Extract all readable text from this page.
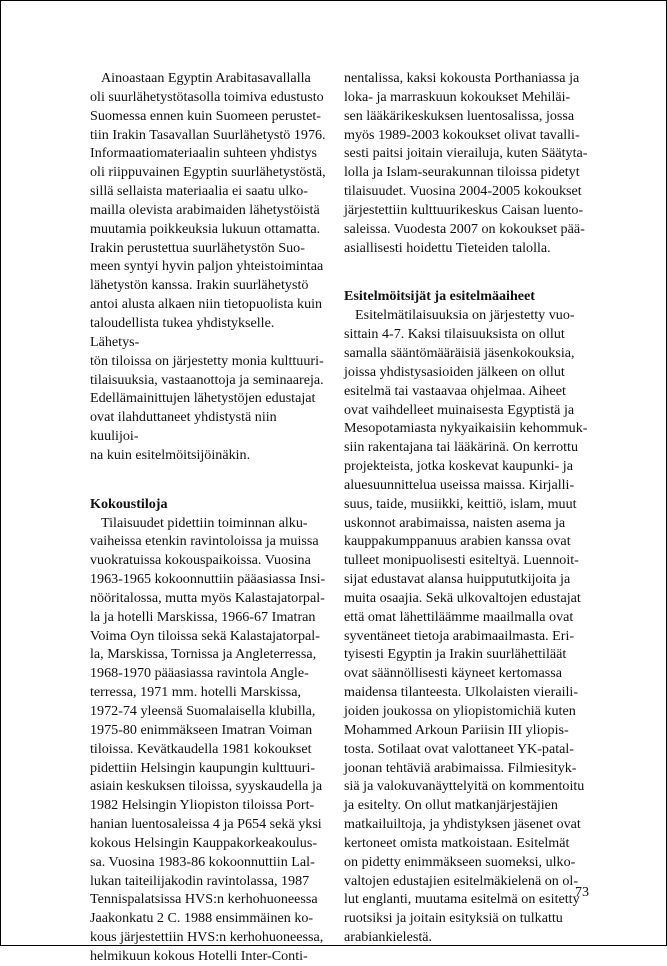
Ainoastaan Egyptin Arabitasavallalla
oli suurlähetystötasolla toimiva edustusto
Suomessa ennen kuin Suomeen perustet-
tiin Irakin Tasavallan Suurlähetystö 1976.
Informaatiomateriaalin suhteen yhdistys
oli riippuvainen Egyptin suurlähetystöstä,
sillä sellaista materiaalia ei saatu ulko-
mailla olevista arabimaiden lähetystöistä
muutamia poikkeuksia lukuun ottamatta.
Irakin perustettua suurlähetystön Suo-
meen syntyi hyvin paljon yhteistoimintaa
lähetystön kanssa. Irakin suurlähetystö
antoi alusta alkaen niin tietopuolista kuin
taloudellista tukea yhdistykselle. Lähetys-
tön tiloissa on järjestetty monia kulttuuri-
tilaisuuksia, vastaanottoja ja seminaareja.
Edellämainittujen lähetystöjen edustajat
ovat ilahduttaneet yhdistystä niin kuulijoi-
na kuin esitelmöitsijöinäkin.

Kokoustiloja

Tilaisuudet pidettiin toiminnan alku-
vaiheissa etenkin ravintoloissa ja muissa
vuokratuissa kokouspaikoissa. Vuosina
1963-1965 kokoonnuttiin pääasiassa Insi-
nööritalossa, mutta myös Kalastajatorpal-
la ja hotelli Marskissa, 1966-67 Imatran
Voima Oyn tiloissa sekä Kalastajatorpal-
la, Marskissa, Tornissa ja Angleterressa,
1968-1970 pääasiassa ravintola Angle-
terressa, 1971 mm. hotelli Marskissa,
1972-74 yleensä Suomalaisella klubilla,
1975-80 enimmäkseen Imatran Voiman
tiloissa. Kevätkaudella 1981 kokoukset
pidettiin Helsingin kaupungin kulttuuri-
asiain keskuksen tiloissa, syyskaudella ja
1982 Helsingin Yliopiston tiloissa Port-
hanian luentosaleissa 4 ja P654 sekä yksi
kokous Helsingin Kauppakorkeakoulus-
sa. Vuosina 1983-86 kokoonnuttiin Lal-
lukan taiteilijakodin ravintolassa, 1987
Tennispalatsissa HVS:n kerhohuoneessa
Jaakonkatu 2 C. 1988 ensimmäinen ko-
kous järjestettiin HVS:n kerhohuoneessa,
helmikuun kokous Hotelli Inter-Conti-

nentalissa, kaksi kokousta Porthaniassa ja
loka- ja marraskuun kokoukset Mehiläi-
sen lääkärikeskuksen luentosalissa, jossa
myös 1989-2003 kokoukset olivat tavalli-
sesti paitsi joitain vierailuja, kuten Säätyta-
lolla ja Islam-seurakunnan tiloissa pidetyt
tilaisuudet. Vuosina 2004-2005 kokoukset
järjestettiin kulttuurikeskus Caisan luento-
saleissa. Vuodesta 2007 on kokoukset pää-
asiallisesti hoidettu Tieteiden talolla.

Esitelmöitsijät ja esitelmäaiheet

Esitelmätilaisuuksia on järjestetty vuo-
sittain 4-7. Kaksi tilaisuuksista on ollut
samalla sääntömääräisiä jäsenkokouksia,
joissa yhdistysasioiden jälkeen on ollut
esitelmä tai vastaavaa ohjelmaa. Aiheet
ovat vaihdelleet muinaisesta Egyptistä ja
Mesopotamiasta nykyaikaisiin kehommuk-
siin rakentajana tai lääkärinä. On kerrottu
projekteista, jotka koskevat kaupunki- ja
aluesuunnittelua useissa maissa. Kirjalli-
suus, taide, musiikki, keittiö, islam, muut
uskonnot arabimaissa, naisten asema ja
kauppakumppanuus arabien kanssa ovat
tulleet monipuolisesti esiteltyä. Luennoit-
sijat edustavat alansa huippututkijoita ja
muita osaajia. Sekä ulkovaltojen edustajat
että omat lähettiläämme maailmalla ovat
syventäneet tietoja arabimaailmasta. Eri-
tyisesti Egyptin ja Irakin suurlähettiläät
ovat säännöllisesti käyneet kertomassa
maidensa tilanteesta. Ulkolaisten vieraili-
joiden joukossa on yliopistomichiä kuten
Mohammed Arkoun Pariisin III yliopis-
tosta. Sotilaat ovat valottaneet YK-patal-
joonan tehtäviä arabimaissa. Filmiesityk-
siä ja valokuvanäyttelyitä on kommentoitu
ja esitelty. On ollut matkanjärjestäjien
matkailuiltoja, ja yhdistyksen jäsenet ovat
kertoneet omista matkoistaan. Esitelmät
on pidetty enimmäkseen suomeksi, ulko-
valtojen edustajien esitelmäkielenä on ol-
lut englanti, muutama esitelmä on esitetty
ruotsiksi ja joitain esityksiä on tulkattu
arabiankielestä.

73
